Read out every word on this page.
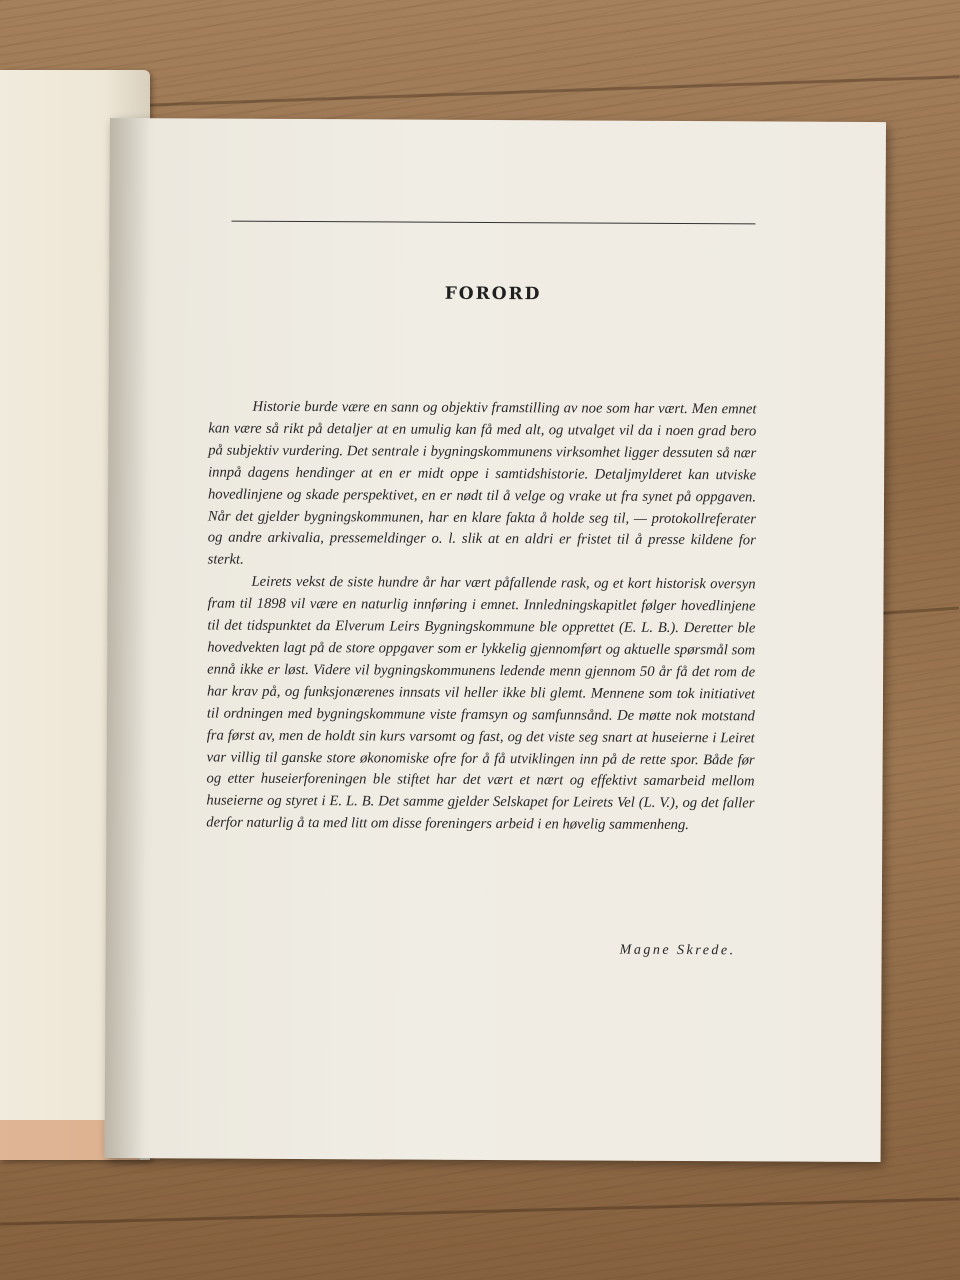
FORORD

Historie burde være en sann og objektiv framstilling av noe som har vært. Men emnet kan være så rikt på detaljer at en umulig kan få med alt, og utvalget vil da i noen grad bero på subjektiv vurdering. Det sentrale i bygningskommunens virksomhet ligger dessuten så nær innpå dagens hendinger at en er midt oppe i samtidshistorie. Detaljmylderet kan utviske hovedlinjene og skade perspektivet, en er nødt til å velge og vrake ut fra synet på oppgaven. Når det gjelder bygningskommunen, har en klare fakta å holde seg til, — protokollreferater og andre arkivalia, pressemeldinger o. l. slik at en aldri er fristet til å presse kildene for sterkt.

Leirets vekst de siste hundre år har vært påfallende rask, og et kort historisk oversyn fram til 1898 vil være en naturlig innføring i emnet. Innledningskapitlet følger hovedlinjene til det tidspunktet da Elverum Leirs Bygningskommune ble opprettet (E. L. B.). Deretter ble hovedvekten lagt på de store oppgaver som er lykkelig gjennomført og aktuelle spørsmål som ennå ikke er løst. Videre vil bygningskommunens ledende menn gjennom 50 år få det rom de har krav på, og funksjonærenes innsats vil heller ikke bli glemt. Mennene som tok initiativet til ordningen med bygningskommune viste framsyn og samfunnsånd. De møtte nok motstand fra først av, men de holdt sin kurs varsomt og fast, og det viste seg snart at huseierne i Leiret var villig til ganske store økonomiske ofre for å få utviklingen inn på de rette spor. Både før og etter huseierforeningen ble stiftet har det vært et nært og effektivt samarbeid mellom huseierne og styret i E. L. B. Det samme gjelder Selskapet for Leirets Vel (L. V.), og det faller derfor naturlig å ta med litt om disse foreningers arbeid i en høvelig sammenheng.

Magne Skrede.
